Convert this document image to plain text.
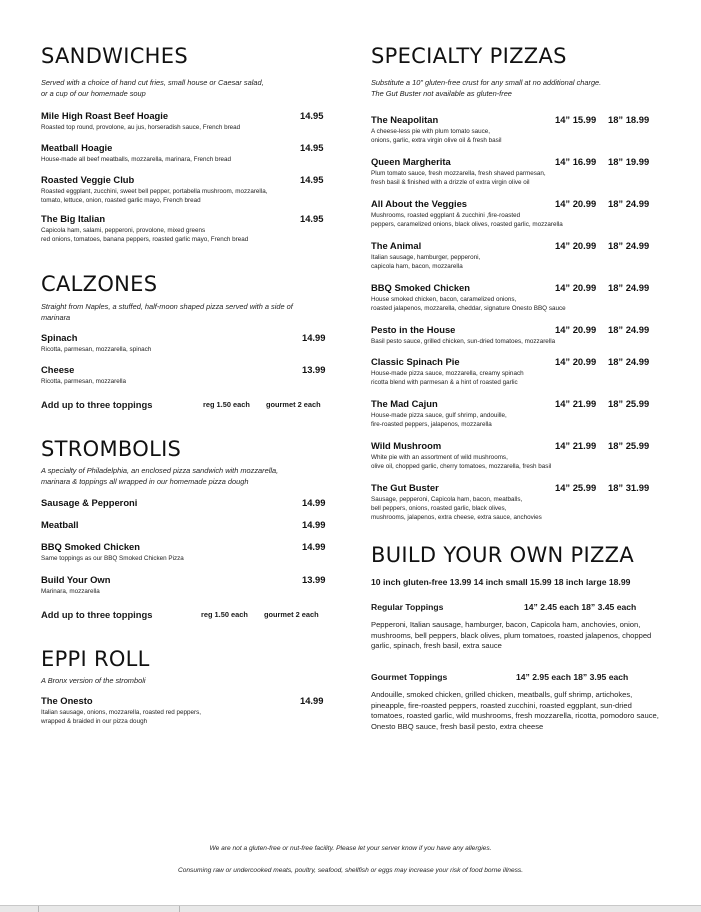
SANDWICHES

Served with a choice of hand cut fries, small house or Caesar salad,
or a cup of our homemade soup

Mile High Roast Beef Hoagie	14.95
Roasted top round, provolone, au jus, horseradish sauce, French bread
Meatball Hoagie	14.95
House-made all beef meatballs, mozzarella, marinara, French bread
Roasted Veggie Club	14.95
Roasted eggplant, zucchini, sweet bell pepper, portabella mushroom, mozzarella,
tomato, lettuce, onion, roasted garlic mayo, French bread
The Big Italian	14.95
Capicola ham, salami, pepperoni, provolone, mixed greens
red onions, tomatoes, banana peppers, roasted garlic mayo, French bread
CALZONES

Straight from Naples, a stuffed, half-moon shaped pizza served with a side of
marinara

Spinach	14.99
Ricotta, parmesan, mozzarella, spinach
Cheese	13.99
Ricotta, parmesan, mozzarella
Add up to three toppings	reg 1.50 each gourmet 2 each
STROMBOLIS

A specialty of Philadelphia, an enclosed pizza sandwich with mozzarella,
marinara & toppings all wrapped in our homemade pizza dough

Sausage & Pepperoni	14.99
Meatball	14.99
BBQ Smoked Chicken	14.99
Same toppings as our BBQ Smoked Chicken Pizza
Build Your Own	13.99
Marinara, mozzarella
Add up to three toppings	reg 1.50 each gourmet 2 each
EPPI ROLL

A Bronx version of the stromboli

The Onesto	14.99
Italian sausage, onions, mozzarella, roasted red peppers,
wrapped & braided in our pizza dough
SPECIALTY PIZZAS

Substitute a 10" gluten-free crust for any small at no additional charge.
The Gut Buster not available as gluten-free

The Neapolitan	14” 15.99 18” 18.99
A cheese-less pie with plum tomato sauce,
onions, garlic, extra virgin olive oil & fresh basil
Queen Margherita	14” 16.99 18” 19.99
Plum tomato sauce, fresh mozzarella, fresh shaved parmesan,
fresh basil & finished with a drizzle of extra virgin olive oil
All About the Veggies	14” 20.99 18” 24.99
Mushrooms, roasted eggplant & zucchini ,fire-roasted
peppers, caramelized onions, black olives, roasted garlic, mozzarella
The Animal	14” 20.99 18” 24.99
Italian sausage, hamburger, pepperoni,
capicola ham, bacon, mozzarella
BBQ Smoked Chicken	14” 20.99 18” 24.99
House smoked chicken, bacon, caramelized onions,
roasted jalapenos, mozzarella, cheddar, signature Onesto BBQ sauce
Pesto in the House	14” 20.99 18” 24.99
Basil pesto sauce, grilled chicken, sun-dried tomatoes, mozzarella
Classic Spinach Pie	14” 20.99 18” 24.99
House-made pizza sauce, mozzarella, creamy spinach
ricotta blend with parmesan & a hint of roasted garlic
The Mad Cajun	14” 21.99 18” 25.99
House-made pizza sauce, gulf shrimp, andouille,
fire-roasted peppers, jalapenos, mozzarella
Wild Mushroom	14” 21.99 18” 25.99
White pie with an assortment of wild mushrooms,
olive oil, chopped garlic, cherry tomatoes, mozzarella, fresh basil
The Gut Buster	14” 25.99 18” 31.99
Sausage, pepperoni, Capicola ham, bacon, meatballs,
bell peppers, onions, roasted garlic, black olives,
mushrooms, jalapenos, extra cheese, extra sauce, anchovies
BUILD YOUR OWN PIZZA
10 inch gluten-free 13.99 14 inch small 15.99 18 inch large 18.99
Regular Toppings	14” 2.45 each 18” 3.45 each
Pepperoni, Italian sausage, hamburger, bacon, Capicola ham, anchovies, onion, mushrooms, bell peppers, black olives, plum tomatoes, roasted jalapenos, chopped garlic, spinach, fresh basil, extra sauce
Gourmet Toppings	14” 2.95 each 18” 3.95 each
Andouille, smoked chicken, grilled chicken, meatballs, gulf shrimp, artichokes, pineapple, fire-roasted peppers, roasted zucchini, roasted eggplant, sun-dried tomatoes, roasted garlic, wild mushrooms, fresh mozzarella, ricotta, pomodoro sauce, Onesto BBQ sauce, fresh basil pesto, extra cheese
We are not a gluten-free or nut-free facility. Please let your server know if you have any allergies.
Consuming raw or undercooked meats, poultry, seafood, shellfish or eggs may increase your risk of food borne illness.
